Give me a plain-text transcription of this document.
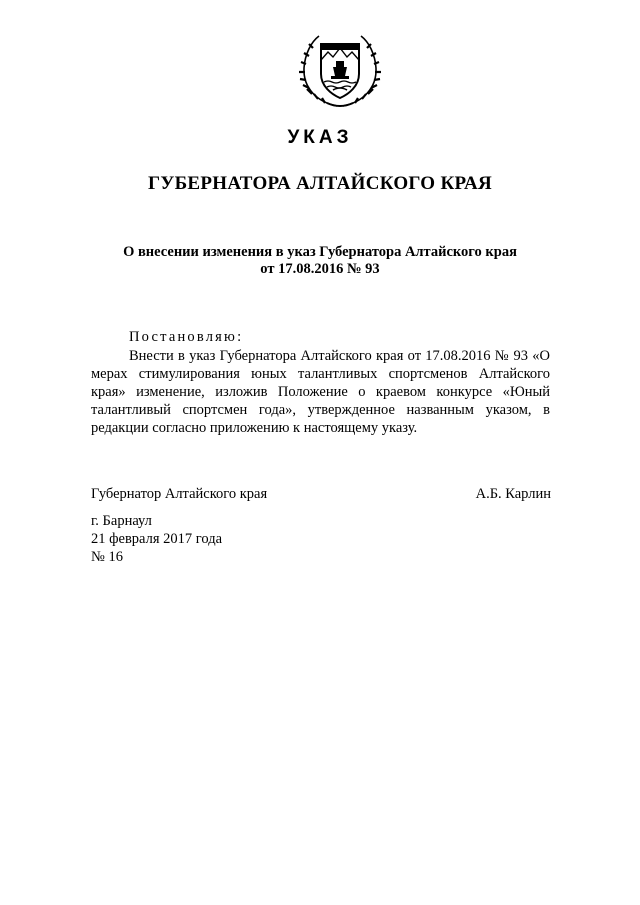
УКАЗ
ГУБЕРНАТОРА АЛТАЙСКОГО КРАЯ
О внесении изменения в указ Губернатора Алтайского края
от 17.08.2016 № 93

Постановляю:

Внести в указ Губернатора Алтайского края от 17.08.2016 № 93 «О мерах стимулирования юных талантливых спортсменов Алтайского края» изменение, изложив Положение о краевом конкурсе «Юный талантливый спортсмен года», утвержденное названным указом, в редакции согласно приложению к настоящему указу.

Губернатор Алтайского края	А.Б. Карлин

г. Барнаул
21 февраля 2017 года
№ 16
